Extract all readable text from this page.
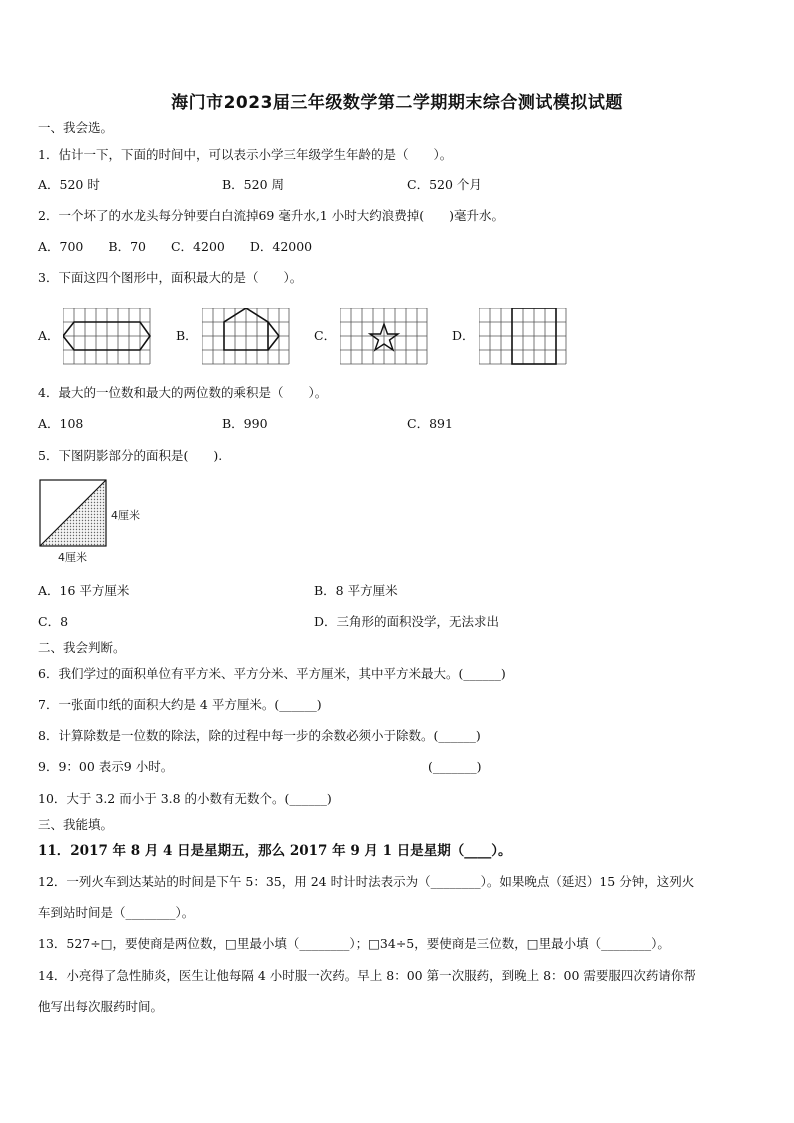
海门市2023届三年级数学第二学期期末综合测试模拟试题
一、我会选。
1．估计一下，下面的时间中，可以表示小学三年级学生年龄的是（　　）。
A．520 时	B．520 周	C．520 个月
2．一个坏了的水龙头每分钟要白白流掉69 毫升水,1 小时大约浪费掉(　　)毫升水。
A．700　　B．70　　C．4200　　D．42000
3．下面这四个图形中，面积最大的是（　　）。
A．	B．	C．	D．
4．最大的一位数和最大的两位数的乘积是（　　）。
A．108	B．990	C．891
5．下图阴影部分的面积是(　　).
4厘米
4厘米
A．16 平方厘米	B．8 平方厘米
C．8	D．三角形的面积没学，无法求出
二、我会判断。
6．我们学过的面积单位有平方米、平方分米、平方厘米，其中平方米最大。(______)
7．一张面巾纸的面积大约是 4 平方厘米。(______)
8．计算除数是一位数的除法，除的过程中每一步的余数必须小于除数。(______)
9．9：00 表示9 小时。	(_______)
10．大于 3.2 而小于 3.8 的小数有无数个。(______)
三、我能填。
11．2017 年 8 月 4 日是星期五，那么 2017 年 9 月 1 日是星期（____）。
12．一列火车到达某站的时间是下午 5：35，用 24 时计时法表示为（________）。如果晚点（延迟）15 分钟，这列火
车到站时间是（________）。
13．527÷□，要使商是两位数，□里最小填（________）；□34÷5，要使商是三位数，□里最小填（________）。
14．小亮得了急性肺炎，医生让他每隔 4 小时服一次药。早上 8：00 第一次服药，到晚上 8：00 需要服四次药请你帮
他写出每次服药时间。
